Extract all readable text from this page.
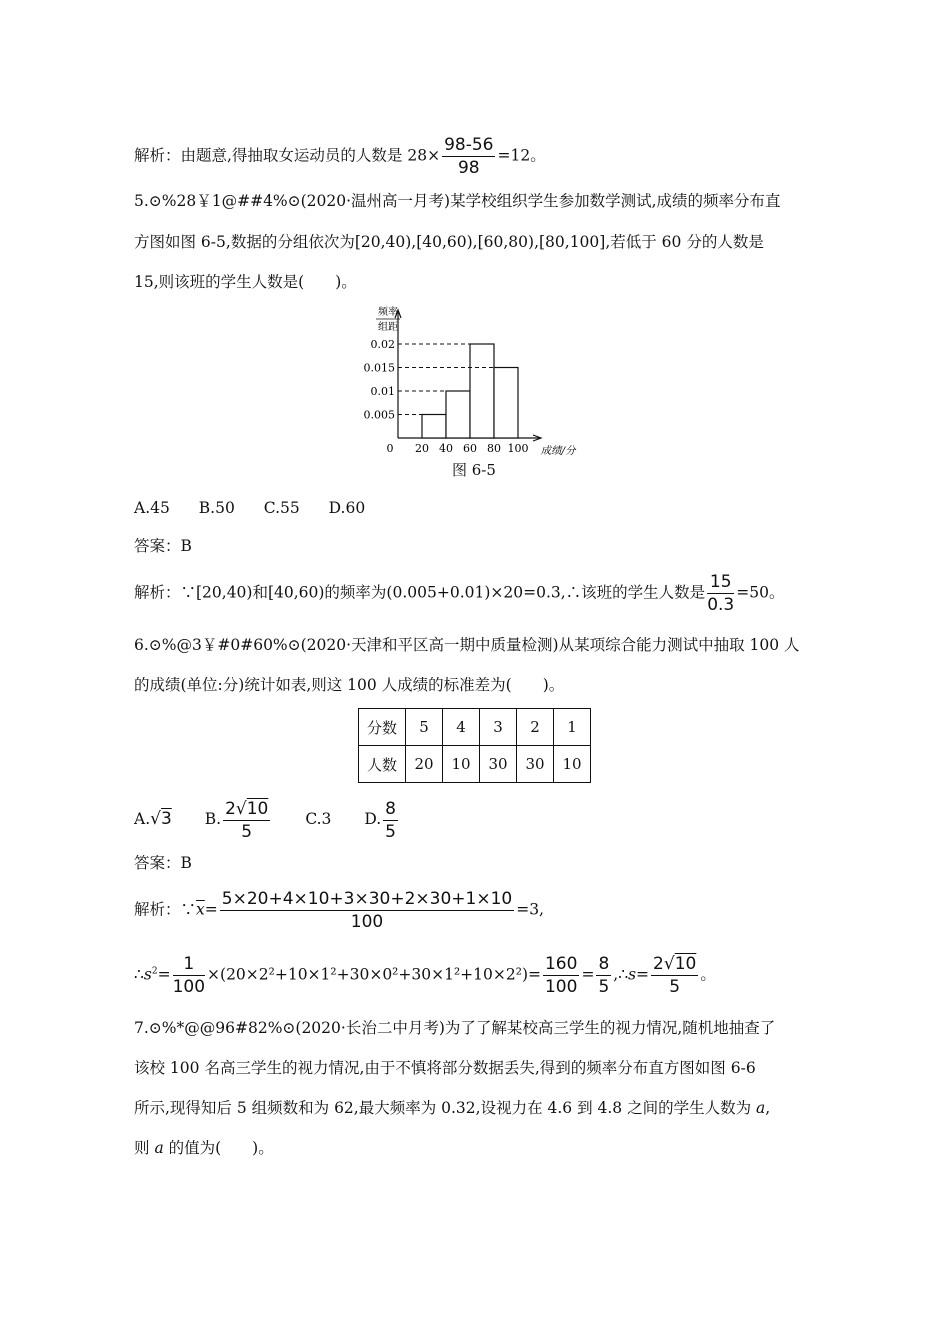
解析：由题意,得抽取女运动员的人数是 $28\times \frac{98-56}{98} =12$。
5.⊙%28￥1@##4%⊙(2020·温州高一月考)某学校组织学生参加数学测试,成绩的频率分布直
方图如图 6-5,数据的分组依次为[20,40),[40,60),[60,80),[80,100],若低于 60 分的人数是
15,则该班的学生人数是(　　)。
频率
组距
0.005
0.01
0.015
0.02
0 20 40 60 80 100 成绩/分
图 6-5
A.45 B.50 C.55 D.60
答案：B
解析：∵[20,40)和[40,60)的频率为(0.005+0.01)×20=0.3,∴该班的学生人数是 $\frac{15}{0.3} =50$。
6.⊙%@3￥#0#60%⊙(2020·天津和平区高一期中质量检测)从某项综合能力测试中抽取 100 人
的成绩(单位:分)统计如表,则这 100 人成绩的标准差为(　　)。
分数	5	4	3	2	1
人数	20	10	30	30	10
A.√3 B. $\frac{2√10}{5} C.3$ D. $\frac{8}{5}$
答案：B
解析：$\because\overline{x}= \frac{5\times 20+4\times 10+3\times 30+2\times 30+1\times 10}{100} =3$,
$\therefore s^2= \frac{1}{100} \times(20\times 2^2+10\times 1^2+30\times 0^2+30\times 1^2+10\times 2^2)= \frac{160}{100} = \frac{8}{5}$ ,∴s= $\frac{2√10}{5}$ 。
7.⊙%*@@96#82%⊙(2020·长治二中月考)为了了解某校高三学生的视力情况,随机地抽查了
该校 100 名高三学生的视力情况,由于不慎将部分数据丢失,得到的频率分布直方图如图 6-6
所示,现得知后 5 组频数和为 62,最大频率为 0.32,设视力在 4.6 到 4.8 之间的学生人数为 a,
则 a 的值为(　　)。
